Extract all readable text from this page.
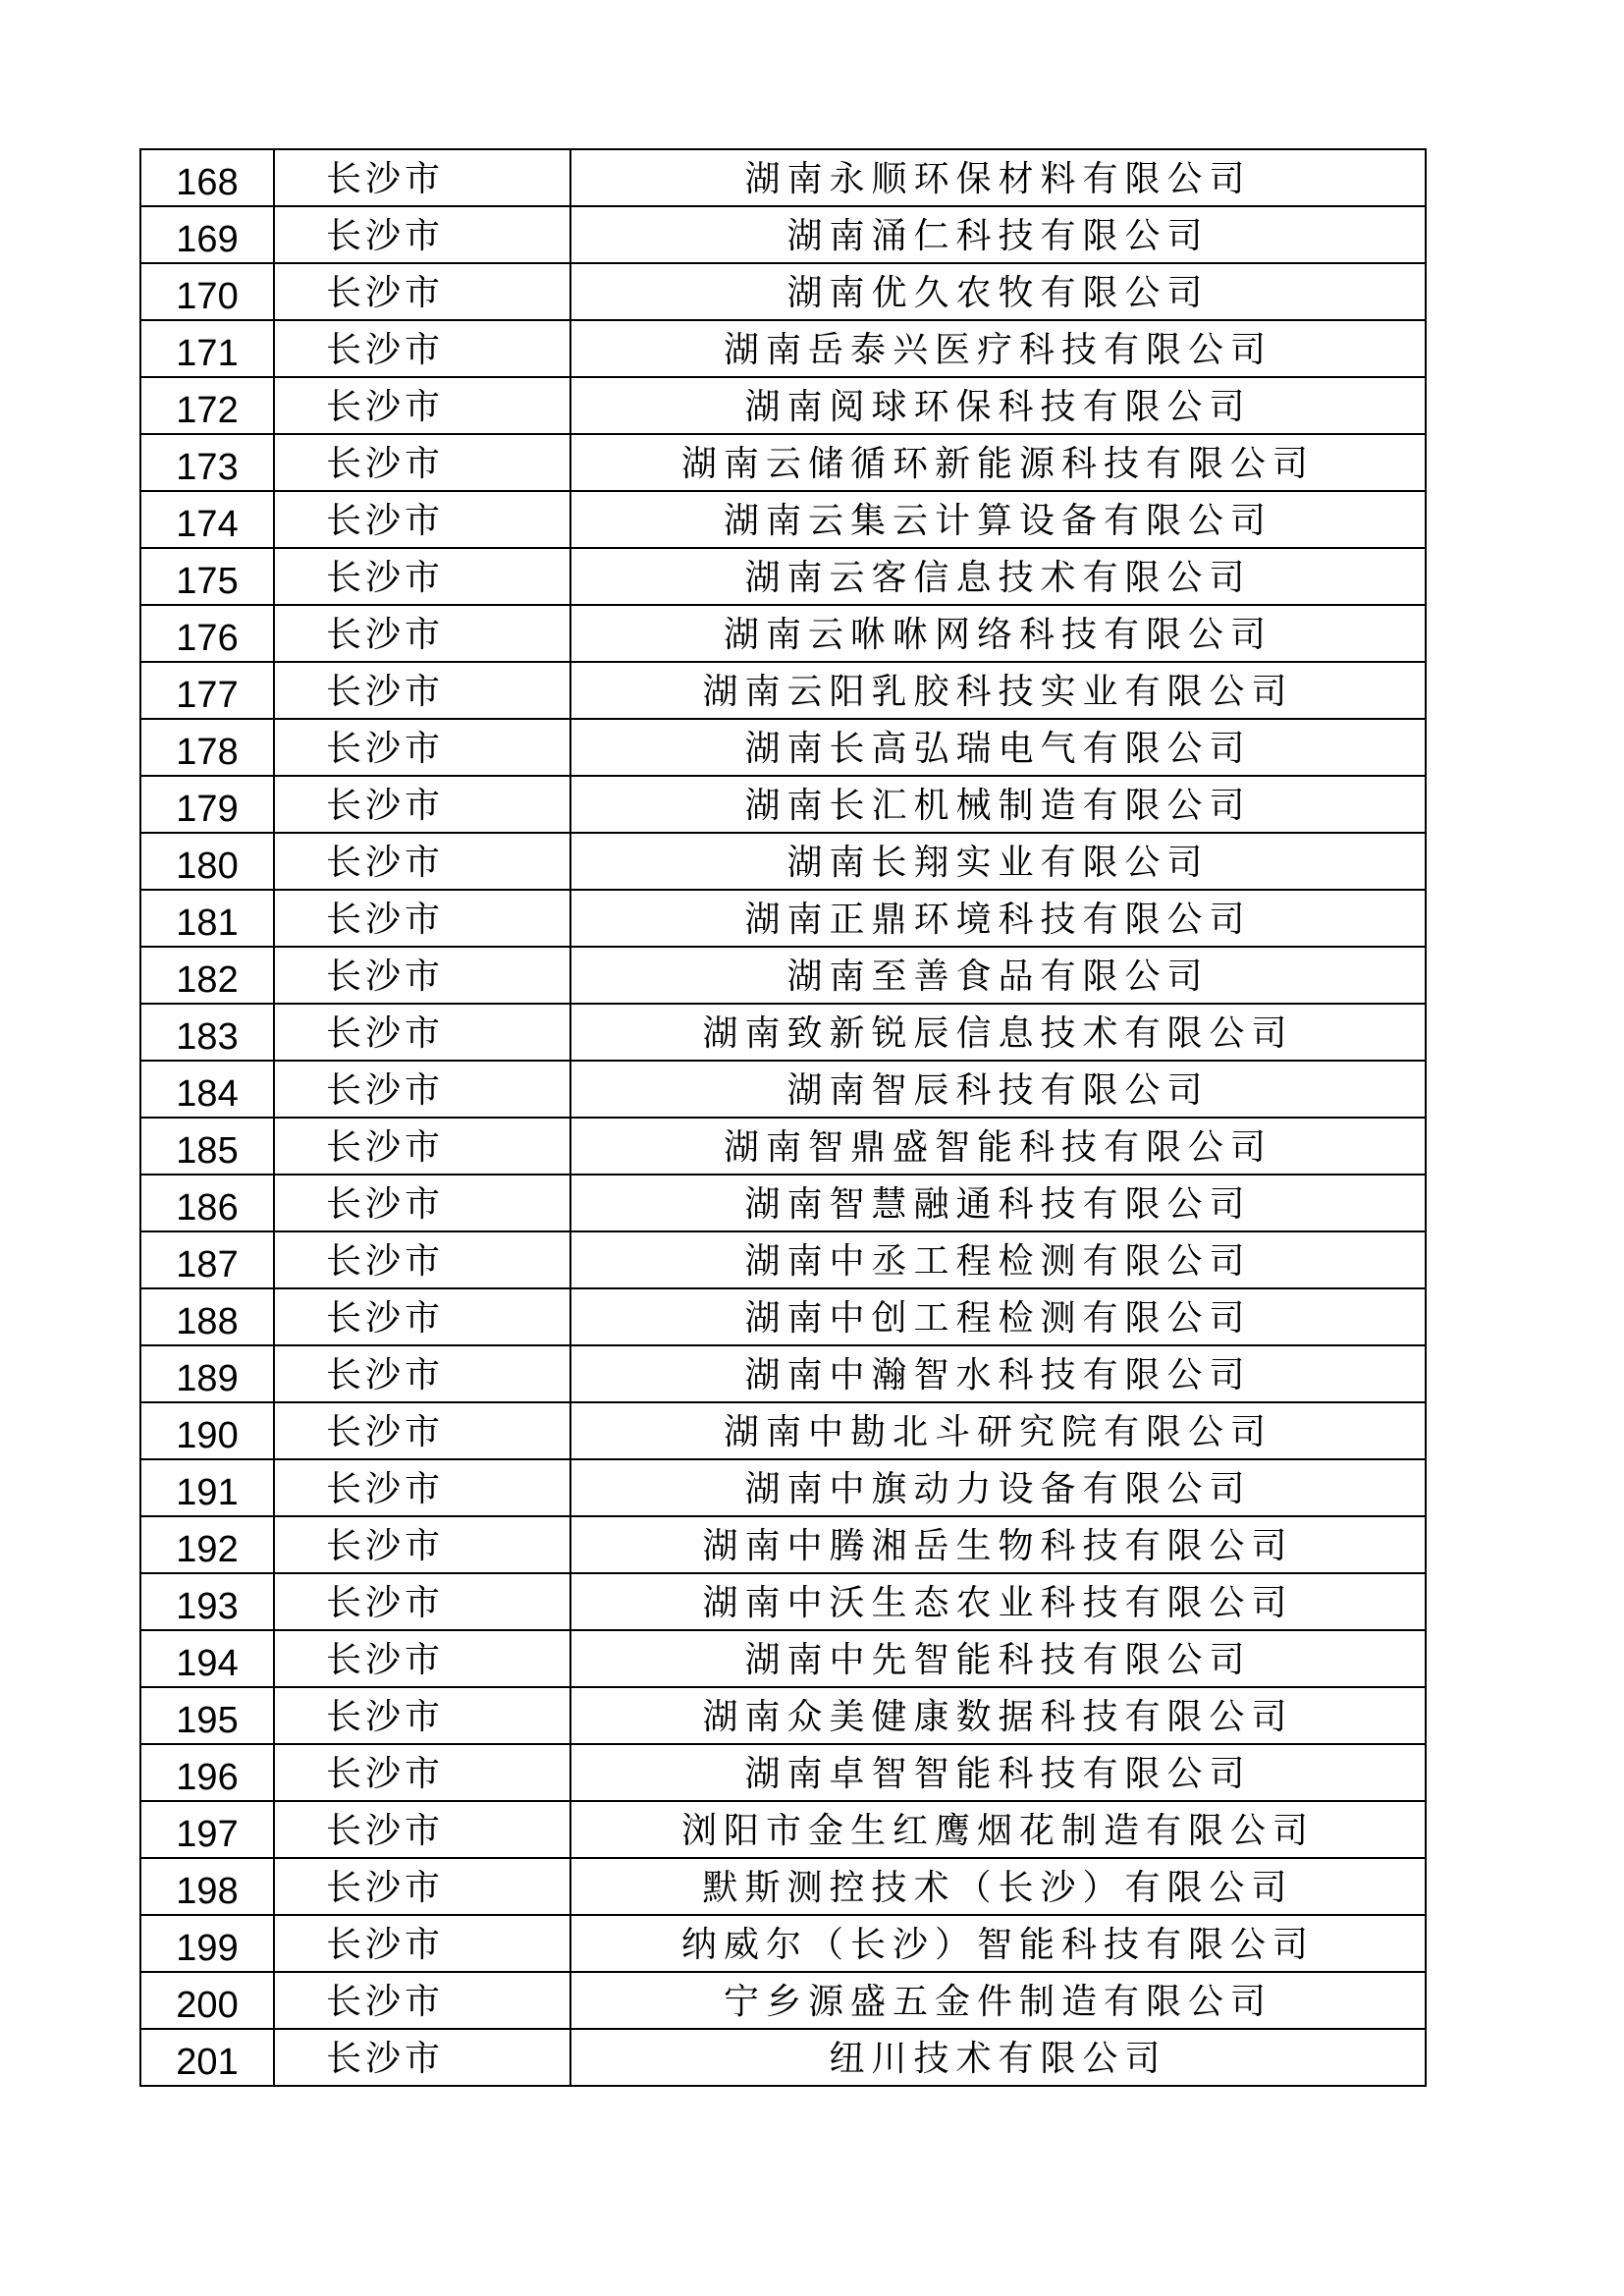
168	长沙市	湖南永顺环保材料有限公司
169	长沙市	湖南涌仁科技有限公司
170	长沙市	湖南优久农牧有限公司
171	长沙市	湖南岳泰兴医疗科技有限公司
172	长沙市	湖南阅球环保科技有限公司
173	长沙市	湖南云储循环新能源科技有限公司
174	长沙市	湖南云集云计算设备有限公司
175	长沙市	湖南云客信息技术有限公司
176	长沙市	湖南云咻咻网络科技有限公司
177	长沙市	湖南云阳乳胶科技实业有限公司
178	长沙市	湖南长高弘瑞电气有限公司
179	长沙市	湖南长汇机械制造有限公司
180	长沙市	湖南长翔实业有限公司
181	长沙市	湖南正鼎环境科技有限公司
182	长沙市	湖南至善食品有限公司
183	长沙市	湖南致新锐辰信息技术有限公司
184	长沙市	湖南智辰科技有限公司
185	长沙市	湖南智鼎盛智能科技有限公司
186	长沙市	湖南智慧融通科技有限公司
187	长沙市	湖南中丞工程检测有限公司
188	长沙市	湖南中创工程检测有限公司
189	长沙市	湖南中瀚智水科技有限公司
190	长沙市	湖南中勘北斗研究院有限公司
191	长沙市	湖南中旗动力设备有限公司
192	长沙市	湖南中腾湘岳生物科技有限公司
193	长沙市	湖南中沃生态农业科技有限公司
194	长沙市	湖南中先智能科技有限公司
195	长沙市	湖南众美健康数据科技有限公司
196	长沙市	湖南卓智智能科技有限公司
197	长沙市	浏阳市金生红鹰烟花制造有限公司
198	长沙市	默斯测控技术（长沙）有限公司
199	长沙市	纳威尔（长沙）智能科技有限公司
200	长沙市	宁乡源盛五金件制造有限公司
201	长沙市	纽川技术有限公司
